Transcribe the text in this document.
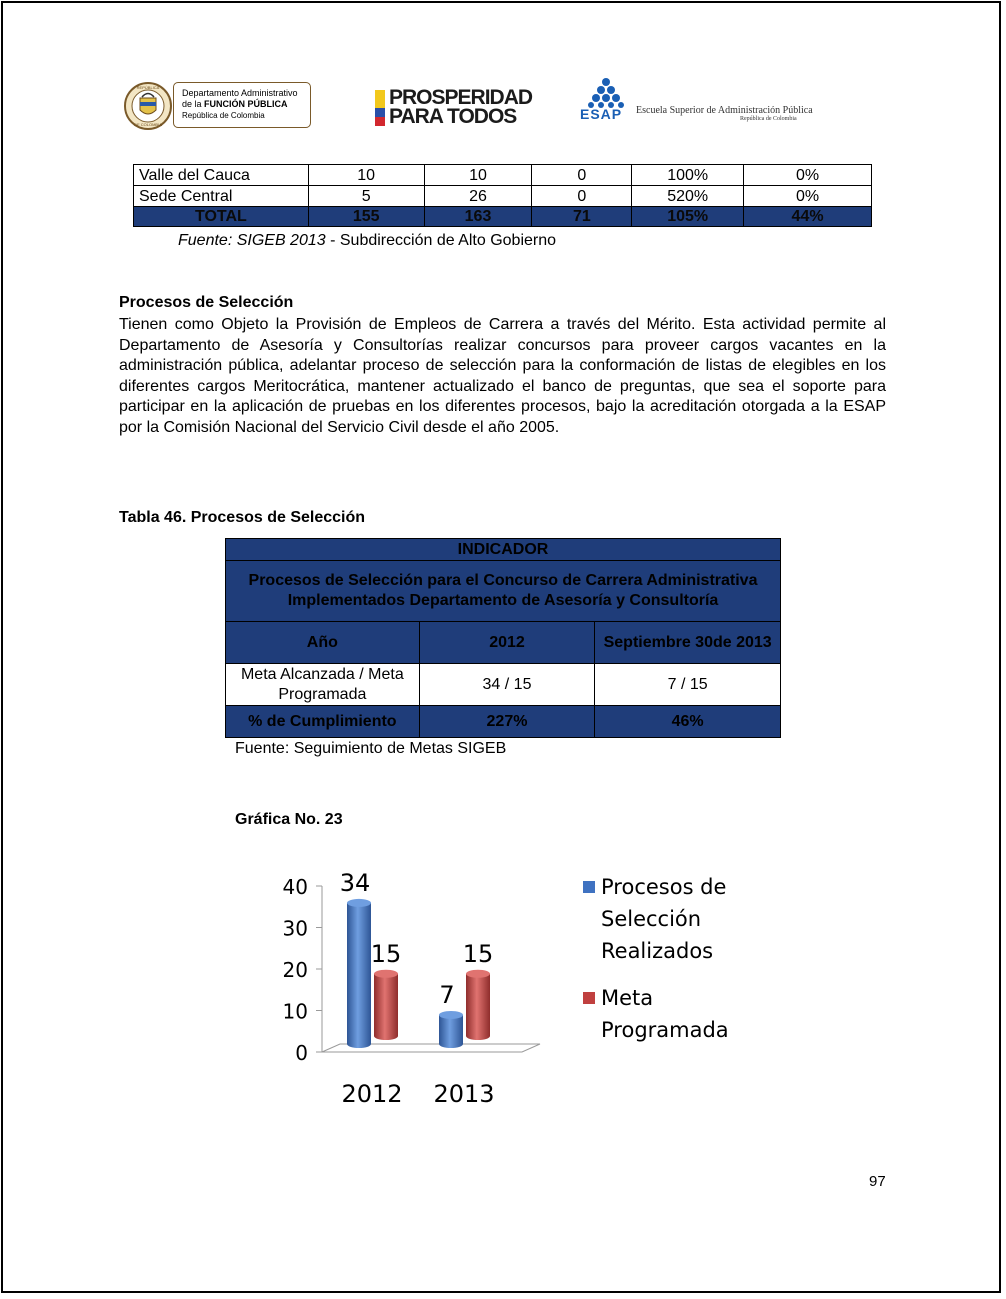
REPÚBLICA
DE COLOMBIA
Departamento Administrativo
de la FUNCIÓN PÚBLICA
República de Colombia
PROSPERIDAD
PARA TODOS	ESAP Escuela Superior de Administración Pública
República de Colombia
Valle del Cauca	10	10	0	100%	0%
Sede Central	5	26	0	520%	0%
TOTAL	155	163	71	105%	44%
Fuente: SIGEB 2013 - Subdirección de Alto Gobierno
Procesos de Selección
Tienen como Objeto la Provisión de Empleos de Carrera a través del Mérito. Esta actividad permite al Departamento de Asesoría y Consultorías realizar concursos para proveer cargos vacantes en la administración pública, adelantar proceso de selección para la conformación de listas de elegibles en los diferentes cargos Meritocrática, mantener actualizado el banco de preguntas, que sea el soporte para participar en la aplicación de pruebas en los diferentes procesos, bajo la acreditación otorgada a la ESAP por la Comisión Nacional del Servicio Civil desde el año 2005.
Tabla 46. Procesos de Selección
INDICADOR		
Procesos de Selección para el Concurso de Carrera Administrativa Implementados Departamento de Asesoría y Consultoría		
Año	2012	Septiembre 30de 2013
Meta Alcanzada / Meta Programada	34 / 15	7 / 15
% de Cumplimiento	227%	46%
Fuente: Seguimiento de Metas SIGEB
Gráfica No. 23
0
10
20
30
40 34
15
2012
7
15
2013
Procesos de
Selección
Realizados
Meta
Programada
97
